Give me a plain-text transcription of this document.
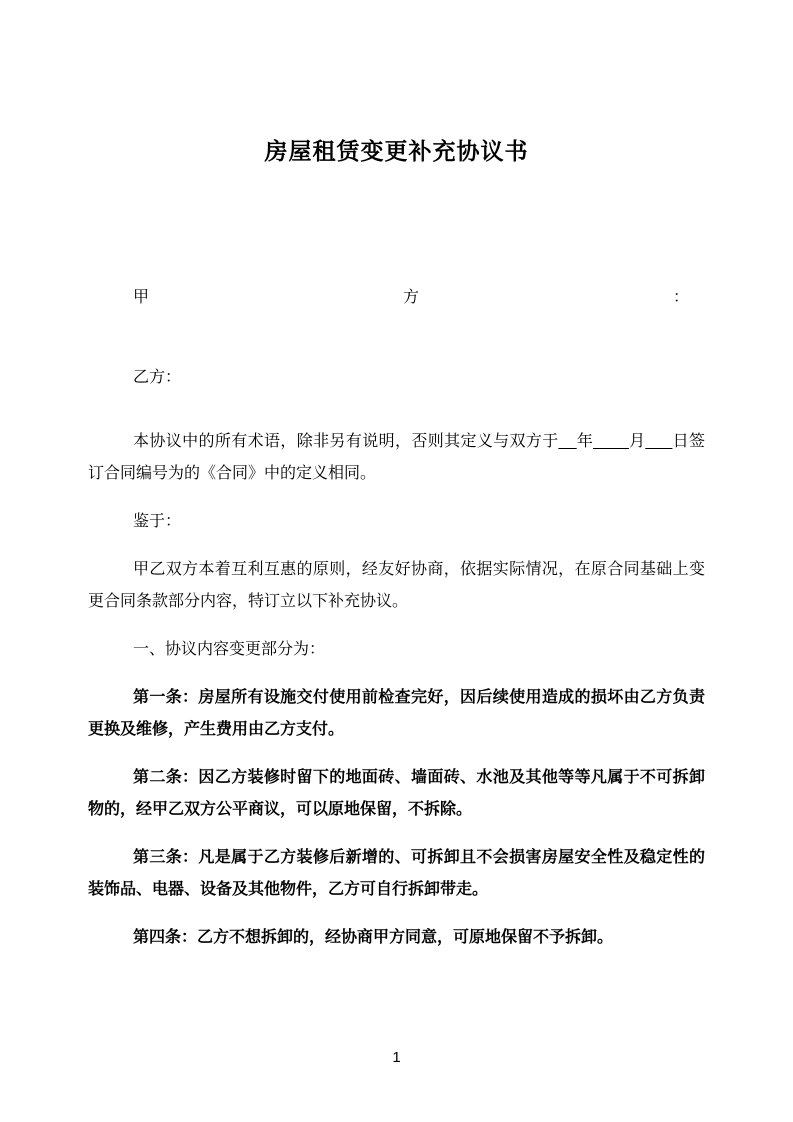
房屋租赁变更补充协议书
甲	方	：

乙方：

本协议中的所有术语，除非另有说明，否则其定义与双方于__年____月___日签订合同编号为的《合同》中的定义相同。

鉴于：

甲乙双方本着互利互惠的原则，经友好协商，依据实际情况，在原合同基础上变更合同条款部分内容，特订立以下补充协议。

一、协议内容变更部分为：

第一条：房屋所有设施交付使用前检查完好，因后续使用造成的损坏由乙方负责更换及维修，产生费用由乙方支付。

第二条：因乙方装修时留下的地面砖、墙面砖、水池及其他等等凡属于不可拆卸物的，经甲乙双方公平商议，可以原地保留，不拆除。

第三条：凡是属于乙方装修后新增的、可拆卸且不会损害房屋安全性及稳定性的装饰品、电器、设备及其他物件，乙方可自行拆卸带走。

第四条：乙方不想拆卸的，经协商甲方同意，可原地保留不予拆卸。

1
